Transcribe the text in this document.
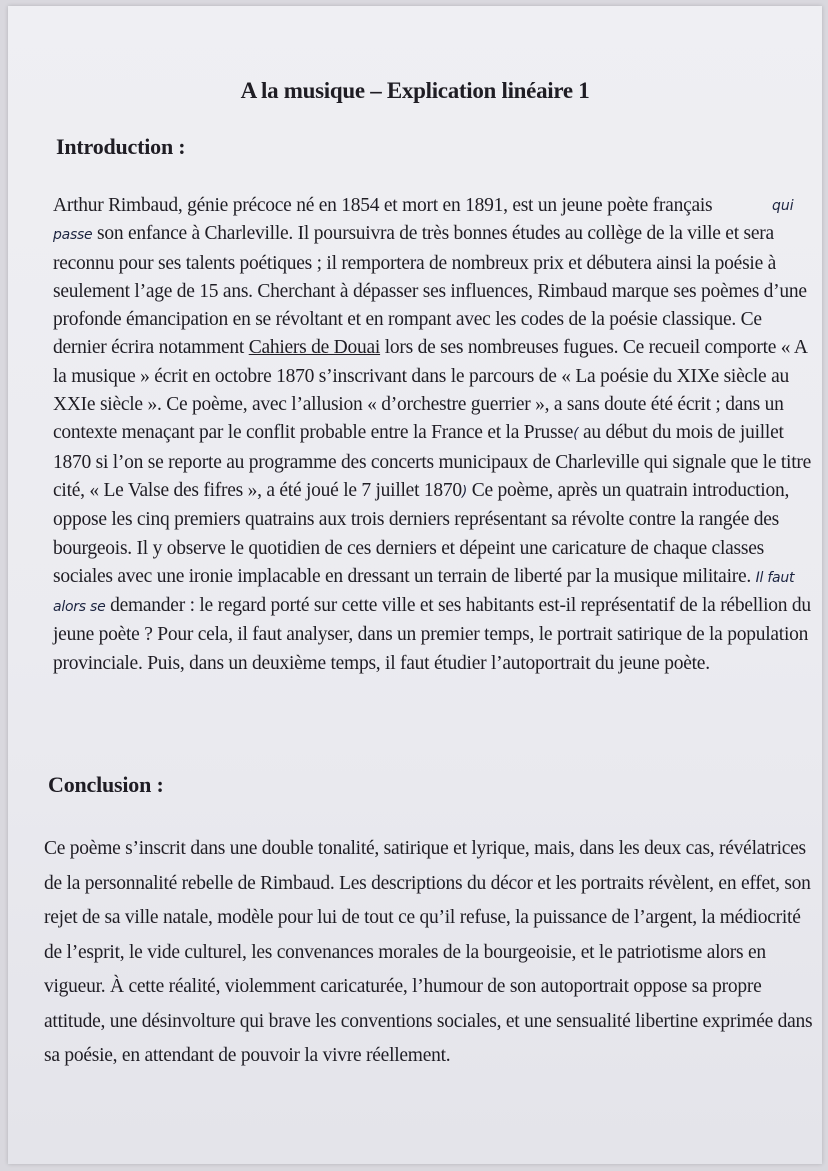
A la musique – Explication linéaire 1
Introduction :
qui

Arthur Rimbaud, génie précoce né en 1854 et mort en 1891, est un jeune poète français
passe son enfance à Charleville. Il poursuivra de très bonnes études au collège de la ville et sera reconnu pour ses talents poétiques ; il remportera de nombreux prix et débutera ainsi la poésie à seulement l’age de 15 ans. Cherchant à dépasser ses influences, Rimbaud marque ses poèmes d’une profonde émancipation en se révoltant et en rompant avec les codes de la poésie classique. Ce dernier écrira notamment Cahiers de Douai lors de ses nombreuses fugues. Ce recueil comporte « A la musique » écrit en octobre 1870 s’inscrivant dans le parcours de « La poésie du XIXe siècle au XXIe siècle ». Ce poème, avec l’allusion « d’orchestre guerrier », a sans doute été écrit ; dans un contexte menaçant par le conflit probable entre la France et la Prusse( au début du mois de juillet 1870 si l’on se reporte au programme des concerts municipaux de Charleville qui signale que le titre cité, « Le Valse des fifres », a été joué le 7 juillet 1870) Ce poème, après un quatrain introduction, oppose les cinq premiers quatrains aux trois derniers représentant sa révolte contre la rangée des bourgeois. Il y observe le quotidien de ces derniers et dépeint une caricature de chaque classes sociales avec une ironie implacable en dressant un terrain de liberté par la musique militaire. Il faut alors se demander : le regard porté sur cette ville et ses habitants est-il représentatif de la rébellion du jeune poète ? Pour cela, il faut analyser, dans un premier temps, le portrait satirique de la population provinciale. Puis, dans un deuxième temps, il faut étudier l’autoportrait du jeune poète.

Conclusion :

Ce poème s’inscrit dans une double tonalité, satirique et lyrique, mais, dans les deux cas, révélatrices de la personnalité rebelle de Rimbaud. Les descriptions du décor et les portraits révèlent, en effet, son rejet de sa ville natale, modèle pour lui de tout ce qu’il refuse, la puissance de l’argent, la médiocrité de l’esprit, le vide culturel, les convenances morales de la bourgeoisie, et le patriotisme alors en vigueur. À cette réalité, violemment caricaturée, l’humour de son autoportrait oppose sa propre attitude, une désinvolture qui brave les conventions sociales, et une sensualité libertine exprimée dans sa poésie, en attendant de pouvoir la vivre réellement.
